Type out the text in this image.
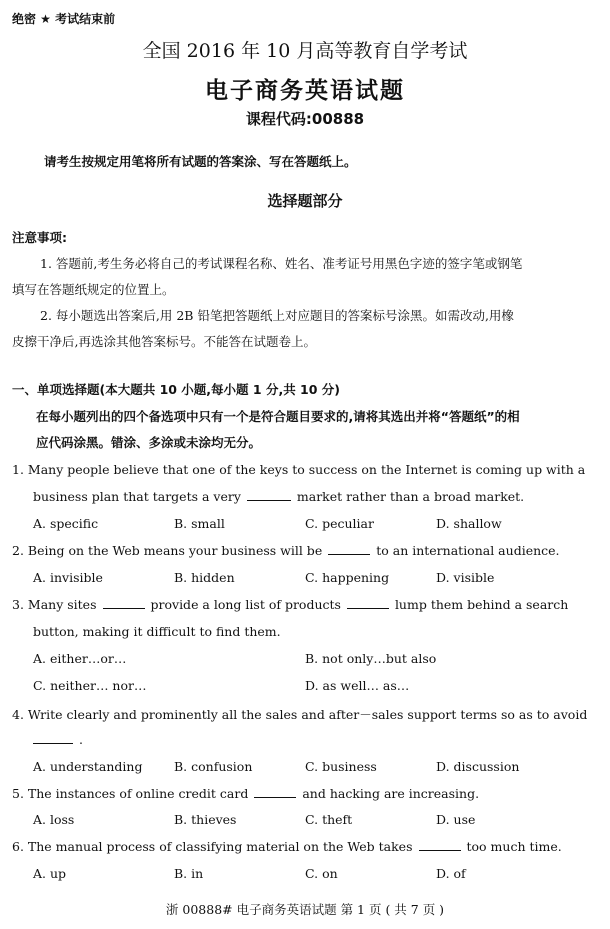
绝密 ★ 考试结束前
全国 2016 年 10 月高等教育自学考试
电子商务英语试题
课程代码:00888
请考生按规定用笔将所有试题的答案涂、写在答题纸上。
选择题部分
注意事项:
1. 答题前,考生务必将自己的考试课程名称、姓名、准考证号用黑色字迹的签字笔或钢笔
填写在答题纸规定的位置上。
2. 每小题选出答案后,用 2B 铅笔把答题纸上对应题目的答案标号涂黑。如需改动,用橡
皮擦干净后,再选涂其他答案标号。不能答在试题卷上。
一、单项选择题(本大题共 10 小题,每小题 1 分,共 10 分)
在每小题列出的四个备选项中只有一个是符合题目要求的,请将其选出并将“答题纸”的相
应代码涂黑。错涂、多涂或未涂均无分。
1. Many people believe that one of the keys to success on the Internet is coming up with a
business plan that targets a very	market rather than a broad market.
A. specific	B. small	C. peculiar	D. shallow
2. Being on the Web means your business will be	to an international audience.
A. invisible	B. hidden	C. happening	D. visible
3. Many sites	provide a long list of products	lump them behind a search
button, making it difficult to find them.
A. either…or…	B. not only…but also
C. neither… nor…	D. as well… as…
4. Write clearly and prominently all the sales and after－sales support terms so as to avoid
.
A. understanding	B. confusion	C. business	D. discussion
5. The instances of online credit card	and hacking are increasing.
A. loss	B. thieves	C. theft	D. use
6. The manual process of classifying material on the Web takes	too much time.
A. up	B. in	C. on	D. of
浙 00888# 电子商务英语试题 第 1 页 ( 共 7 页 )
